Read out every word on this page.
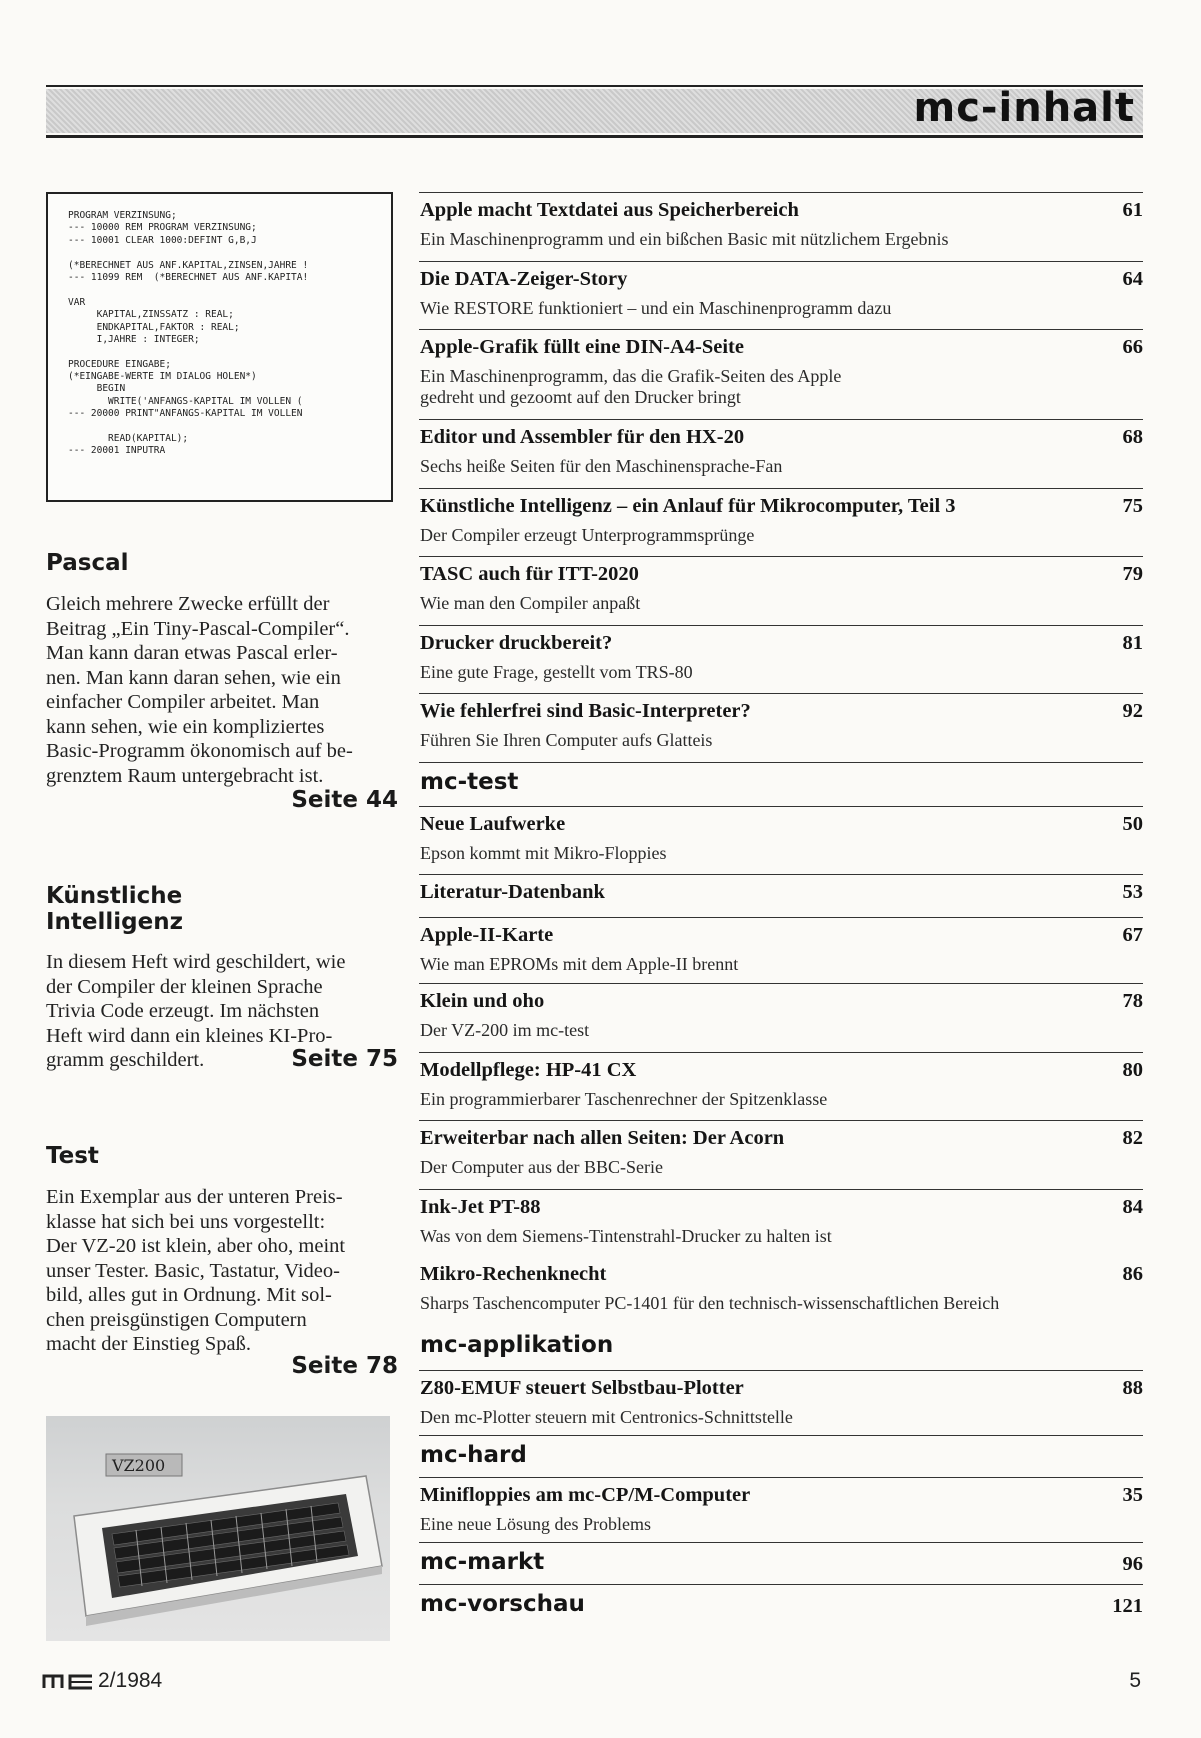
mc-inhalt
PROGRAM VERZINSUNG;
--- 10000 REM PROGRAM VERZINSUNG;
--- 10001 CLEAR 1000:DEFINT G,B,J
(*BERECHNET AUS ANF.KAPITAL,ZINSEN,JAHRE !
--- 11099 REM  (*BERECHNET AUS ANF.KAPITA!
VAR
KAPITAL,ZINSSATZ : REAL;
ENDKAPITAL,FAKTOR : REAL;
I,JAHRE : INTEGER;
PROCEDURE EINGABE;
(*EINGABE-WERTE IM DIALOG HOLEN*)
BEGIN
WRITE('ANFANGS-KAPITAL IM VOLLEN (
--- 20000 PRINT"ANFANGS-KAPITAL IM VOLLEN
READ(KAPITAL);
--- 20001 INPUTRA
Pascal
Gleich mehrere Zwecke erfüllt der
Beitrag „Ein Tiny-Pascal-Compiler“.
Man kann daran etwas Pascal erler-
nen. Man kann daran sehen, wie ein
einfacher Compiler arbeitet. Man
kann sehen, wie ein kompliziertes
Basic-Programm ökonomisch auf be-
grenztem Raum untergebracht ist.
Seite 44
Künstliche
Intelligenz
In diesem Heft wird geschildert, wie
der Compiler der kleinen Sprache
Trivia Code erzeugt. Im nächsten
Heft wird dann ein kleines KI-Pro-
gramm geschildert.	Seite 75
Test
Ein Exemplar aus der unteren Preis-
klasse hat sich bei uns vorgestellt:
Der VZ-20 ist klein, aber oho, meint
unser Tester. Basic, Tastatur, Video-
bild, alles gut in Ordnung. Mit sol-
chen preisgünstigen Computern
macht der Einstieg Spaß.
Seite 78
VZ200
Apple macht Textdatei aus Speicherbereich	61
Ein Maschinenprogramm und ein bißchen Basic mit nützlichem Ergebnis
Die DATA-Zeiger-Story	64
Wie RESTORE funktioniert – und ein Maschinenprogramm dazu
Apple-Grafik füllt eine DIN-A4-Seite	66
Ein Maschinenprogramm, das die Grafik-Seiten des Apple
gedreht und gezoomt auf den Drucker bringt
Editor und Assembler für den HX-20	68
Sechs heiße Seiten für den Maschinensprache-Fan
Künstliche Intelligenz – ein Anlauf für Mikrocomputer, Teil 3	75
Der Compiler erzeugt Unterprogrammsprünge
TASC auch für ITT-2020	79
Wie man den Compiler anpaßt
Drucker druckbereit?	81
Eine gute Frage, gestellt vom TRS-80
Wie fehlerfrei sind Basic-Interpreter?	92
Führen Sie Ihren Computer aufs Glatteis
mc-test
Neue Laufwerke	50
Epson kommt mit Mikro-Floppies
Literatur-Datenbank	53
Apple-II-Karte	67
Wie man EPROMs mit dem Apple-II brennt
Klein und oho	78
Der VZ-200 im mc-test
Modellpflege: HP-41 CX	80
Ein programmierbarer Taschenrechner der Spitzenklasse
Erweiterbar nach allen Seiten: Der Acorn	82
Der Computer aus der BBC-Serie
Ink-Jet PT-88	84
Was von dem Siemens-Tintenstrahl-Drucker zu halten ist
Mikro-Rechenknecht	86
Sharps Taschencomputer PC-1401 für den technisch-wissenschaftlichen Bereich
mc-applikation
Z80-EMUF steuert Selbstbau-Plotter	88
Den mc-Plotter steuern mit Centronics-Schnittstelle
mc-hard
Minifloppies am mc-CP/M-Computer	35
Eine neue Lösung des Problems
mc-markt	96
mc-vorschau	121
2/1984	5
